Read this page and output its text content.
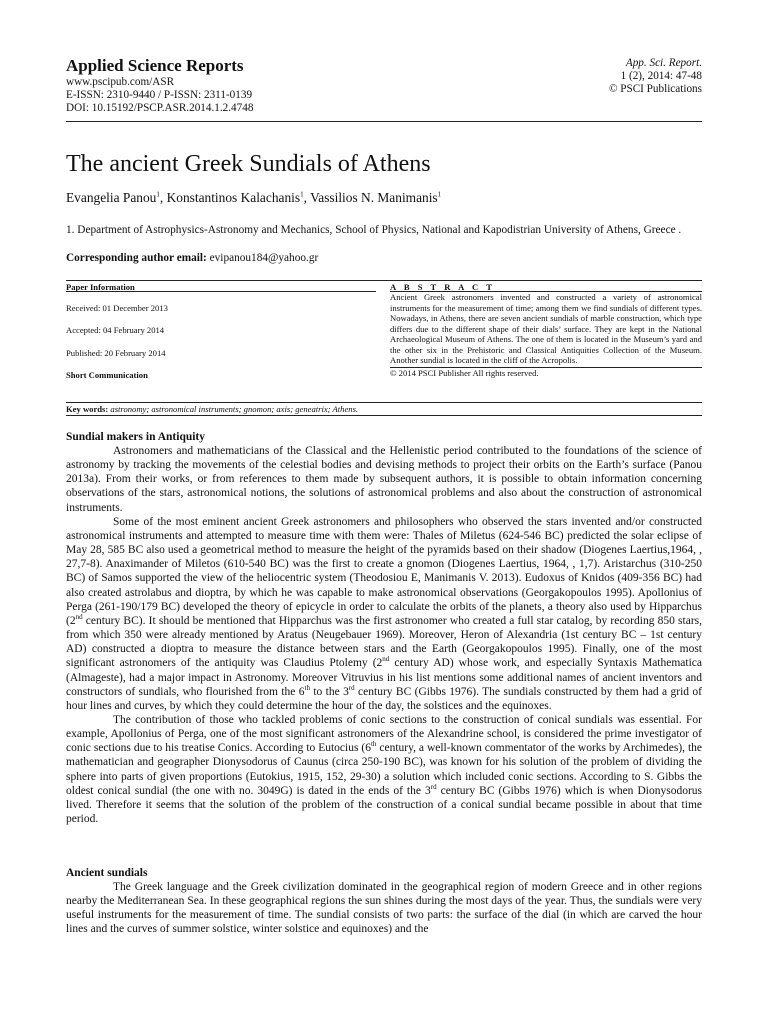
Applied Science Reports
www.pscipub.com/ASR
E-ISSN: 2310-9440 / P-ISSN: 2311-0139
DOI: 10.15192/PSCP.ASR.2014.1.2.4748
App. Sci. Report.
1 (2), 2014: 47-48
© PSCI Publications
The ancient Greek Sundials of Athens
Evangelia Panou$^1$, Konstantinos Kalachanis$^1$, Vassilios N. Manimanis$^1$
1. Department of Astrophysics-Astronomy and Mechanics, School of Physics, National and Kapodistrian University of Athens, Greece .
Corresponding author email: evipanou184@yahoo.gr
Paper Information
Received: 01 December 2013
Accepted: 04 February 2014
Published: 20 February 2014
Short Communication
A B S T R A C T
Ancient Greek astronomers invented and constructed a variety of astronomical instruments for the measurement of time; among them we find sundials of different types. Nowadays, in Athens, there are seven ancient sundials of marble construction, which type differs due to the different shape of their dials’ surface. They are kept in the National Archaeological Museum of Athens. The one of them is located in the Museum’s yard and the other six in the Prehistoric and Classical Antiquities Collection of the Museum. Another sundial is located in the cliff of the Acropolis.
© 2014 PSCI Publisher All rights reserved.
Key words: astronomy; astronomical instruments; gnomon; axis; geneatrix; Athens.
Sundial makers in Antiquity

Astronomers and mathematicians of the Classical and the Hellenistic period contributed to the foundations of the science of astronomy by tracking the movements of the celestial bodies and devising methods to project their orbits on the Earth’s surface (Panou 2013a). From their works, or from references to them made by subsequent authors, it is possible to obtain information concerning observations of the stars, astronomical notions, the solutions of astronomical problems and also about the construction of astronomical instruments.

Some of the most eminent ancient Greek astronomers and philosophers who observed the stars invented and/or constructed astronomical instruments and attempted to measure time with them were: Thales of Miletus (624-546 BC) predicted the solar eclipse of May 28, 585 BC also used a geometrical method to measure the height of the pyramids based on their shadow (Diogenes Laertius,1964, , 27,7-8). Anaximander of Miletos (610-540 BC) was the first to create a gnomon (Diogenes Laertius, 1964, , 1,7). Aristarchus (310-250 BC) of Samos supported the view of the heliocentric system (Theodosiou E, Manimanis V. 2013). Eudoxus of Knidos (409-356 BC) had also created astrolabus and dioptra, by which he was capable to make astronomical observations (Georgakopoulos 1995). Apollonius of Perga (261-190/179 BC) developed the theory of epicycle in order to calculate the orbits of the planets, a theory also used by Hipparchus (2nd century BC). It should be mentioned that Hipparchus was the first astronomer who created a full star catalog, by recording 850 stars, from which 350 were already mentioned by Aratus (Neugebauer 1969). Moreover, Heron of Alexandria (1st century BC – 1st century AD) constructed a dioptra to measure the distance between stars and the Earth (Georgakopoulos 1995). Finally, one of the most significant astronomers of the antiquity was Claudius Ptolemy (2nd century AD) whose work, and especially Syntaxis Mathematica (Almageste), had a major impact in Astronomy. Moreover Vitruvius in his list mentions some additional names of ancient inventors and constructors of sundials, who flourished from the 6th to the 3rd century BC (Gibbs 1976). The sundials constructed by them had a grid of hour lines and curves, by which they could determine the hour of the day, the solstices and the equinoxes.

The contribution of those who tackled problems of conic sections to the construction of conical sundials was essential. For example, Apollonius of Perga, one of the most significant astronomers of the Alexandrine school, is considered the prime investigator of conic sections due to his treatise Conics. According to Eutocius (6th century, a well-known commentator of the works by Archimedes), the mathematician and geographer Dionysodorus of Caunus (circa 250-190 BC), was known for his solution of the problem of dividing the sphere into parts of given proportions (Eutokius, 1915, 152, 29-30) a solution which included conic sections. According to S. Gibbs the oldest conical sundial (the one with no. 3049G) is dated in the ends of the 3rd century BC (Gibbs 1976) which is when Dionysodorus lived. Therefore it seems that the solution of the problem of the construction of a conical sundial became possible in about that time period.

Ancient sundials

The Greek language and the Greek civilization dominated in the geographical region of modern Greece and in other regions nearby the Mediterranean Sea. In these geographical regions the sun shines during the most days of the year. Thus, the sundials were very useful instruments for the measurement of time. The sundial consists of two parts: the surface of the dial (in which are carved the hour lines and the curves of summer solstice, winter solstice and equinoxes) and the
